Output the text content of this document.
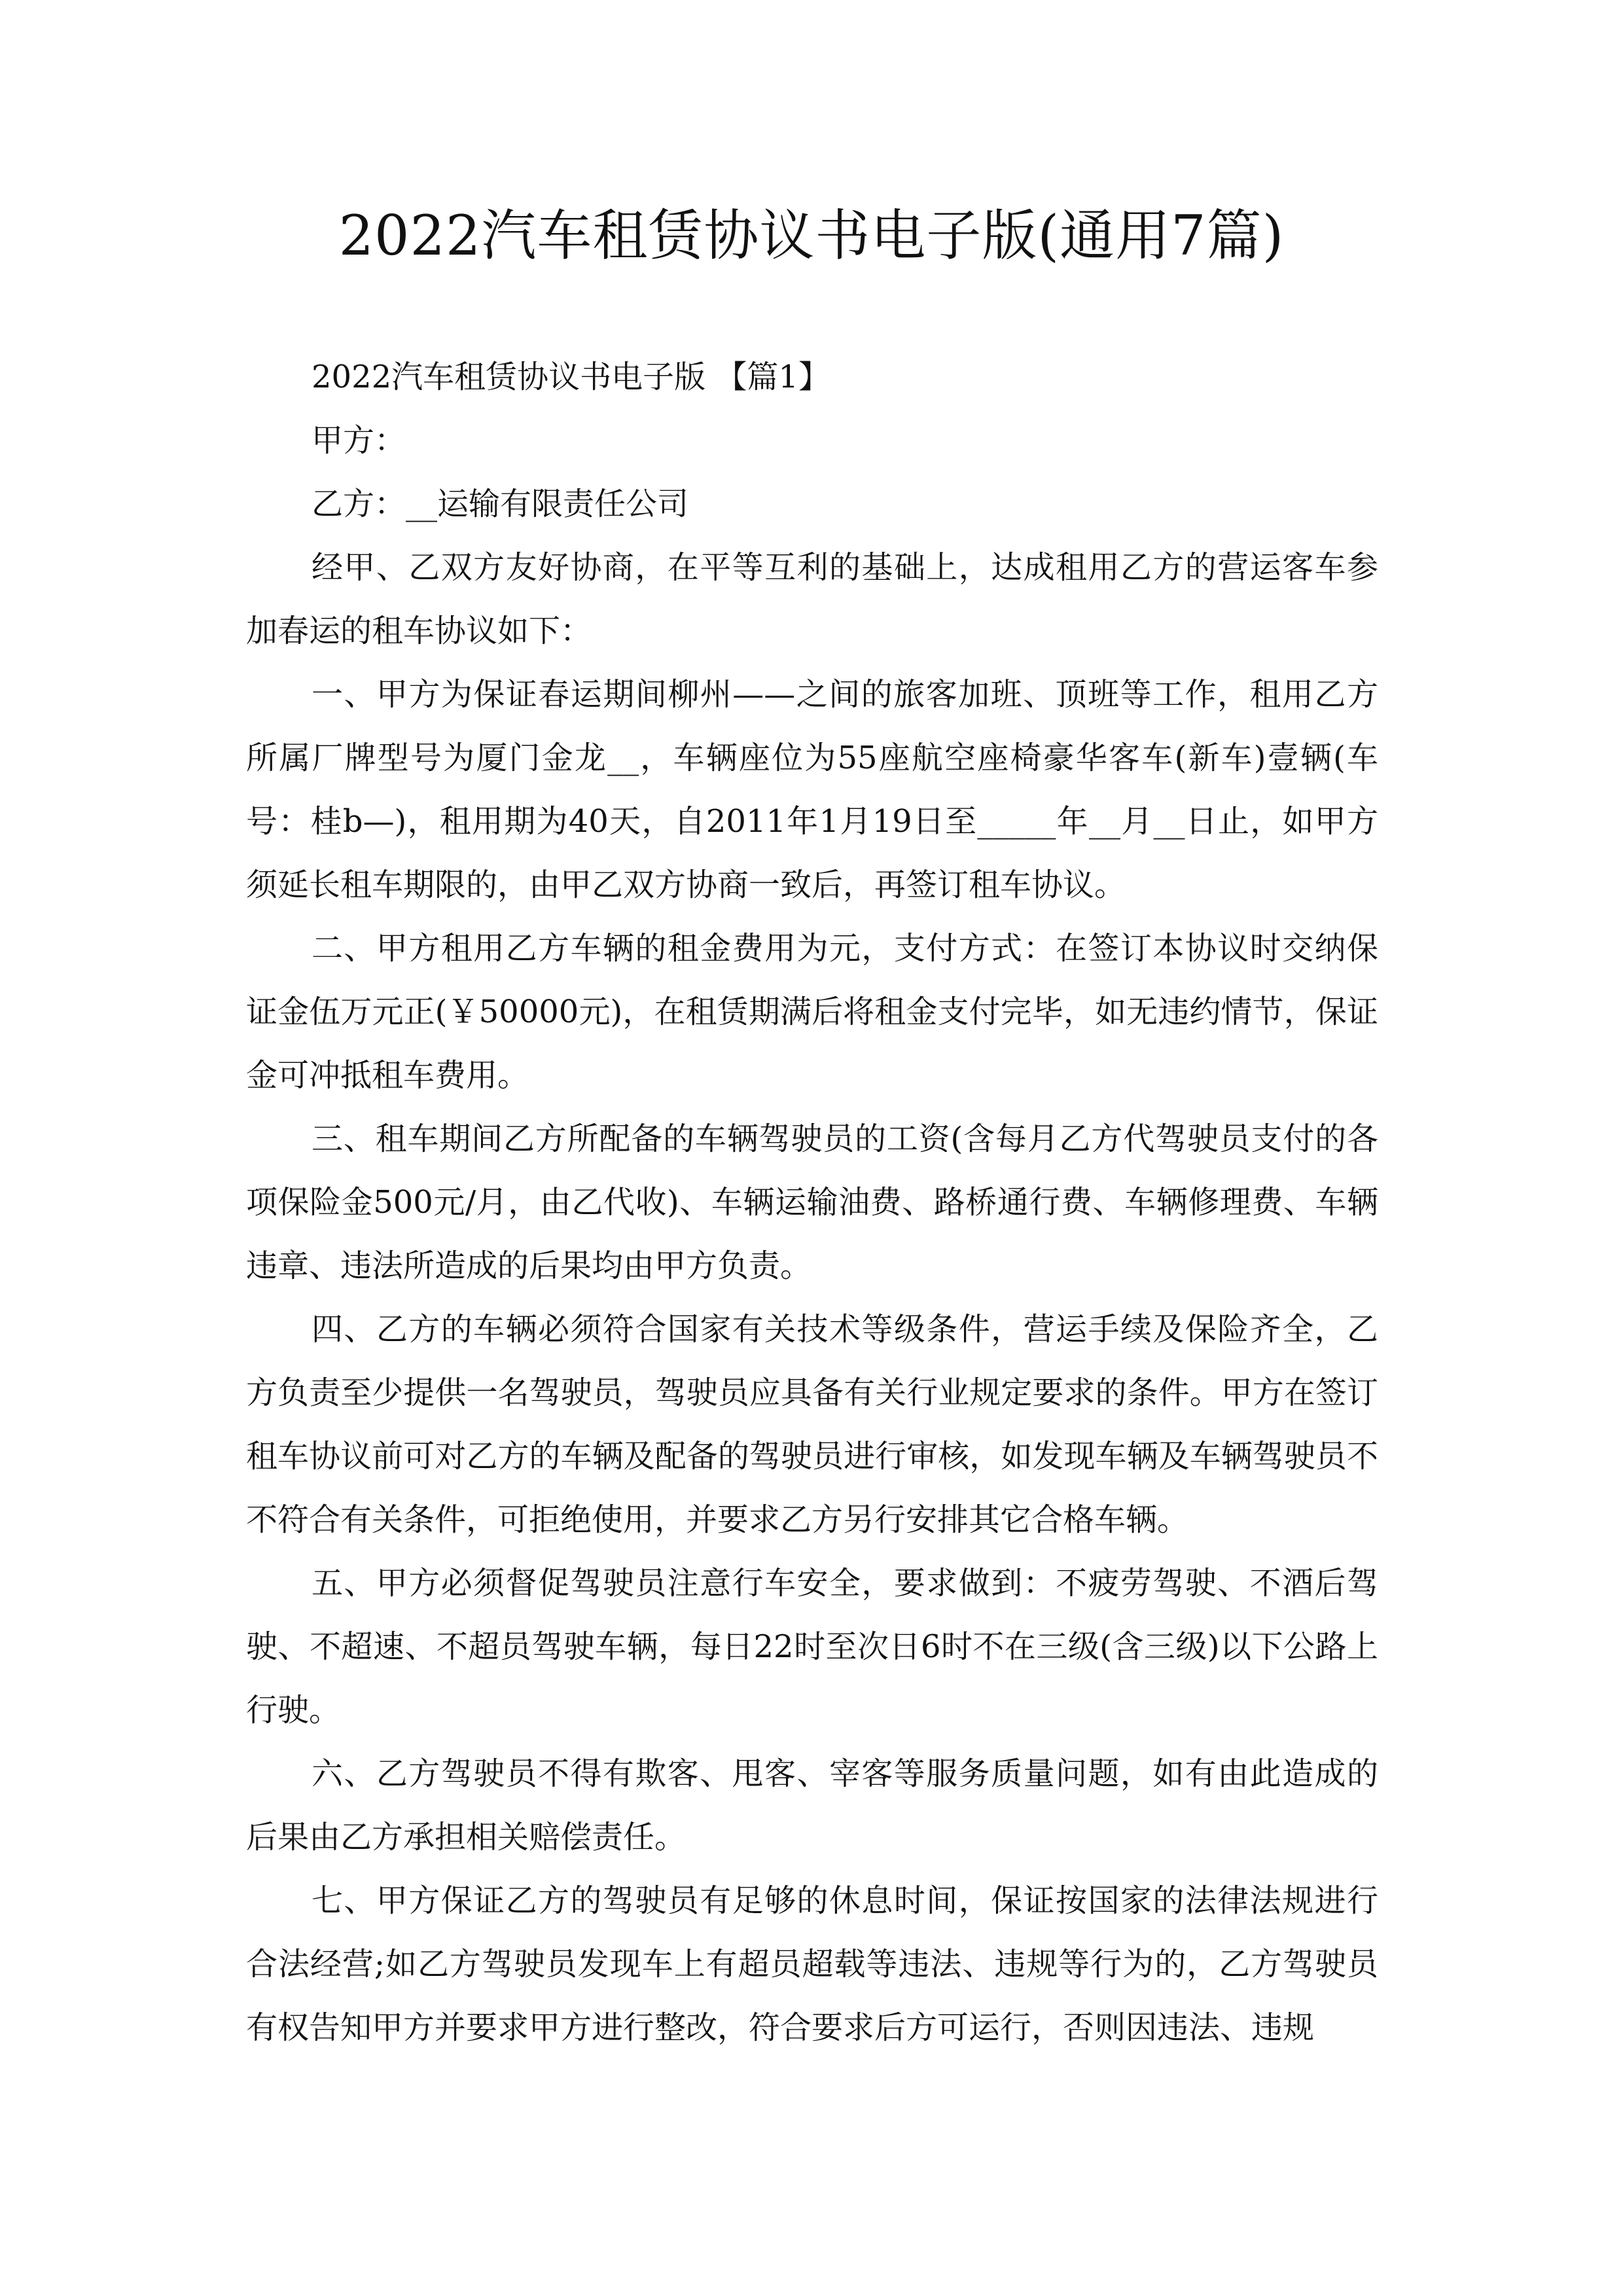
2022汽车租赁协议书电子版(通用7篇)

2022汽车租赁协议书电子版 【篇1】

甲方：

乙方：__运输有限责任公司

经甲、乙双方友好协商，在平等互利的基础上，达成租用乙方的营运客车参加春运的租车协议如下：

一、甲方为保证春运期间柳州——之间的旅客加班、顶班等工作，租用乙方所属厂牌型号为厦门金龙__，车辆座位为55座航空座椅豪华客车(新车)壹辆(车号：桂b—)，租用期为40天，自2011年1月19日至_____年__月__日止，如甲方须延长租车期限的，由甲乙双方协商一致后，再签订租车协议。

二、甲方租用乙方车辆的租金费用为元，支付方式：在签订本协议时交纳保证金伍万元正(￥50000元)，在租赁期满后将租金支付完毕，如无违约情节，保证金可冲抵租车费用。

三、租车期间乙方所配备的车辆驾驶员的工资(含每月乙方代驾驶员支付的各项保险金500元/月，由乙代收)、车辆运输油费、路桥通行费、车辆修理费、车辆违章、违法所造成的后果均由甲方负责。

四、乙方的车辆必须符合国家有关技术等级条件，营运手续及保险齐全，乙方负责至少提供一名驾驶员，驾驶员应具备有关行业规定要求的条件。甲方在签订租车协议前可对乙方的车辆及配备的驾驶员进行审核，如发现车辆及车辆驾驶员不不符合有关条件，可拒绝使用，并要求乙方另行安排其它合格车辆。

五、甲方必须督促驾驶员注意行车安全，要求做到：不疲劳驾驶、不酒后驾驶、不超速、不超员驾驶车辆，每日22时至次日6时不在三级(含三级)以下公路上行驶。

六、乙方驾驶员不得有欺客、甩客、宰客等服务质量问题，如有由此造成的后果由乙方承担相关赔偿责任。

七、甲方保证乙方的驾驶员有足够的休息时间，保证按国家的法律法规进行合法经营;如乙方驾驶员发现车上有超员超载等违法、违规等行为的，乙方驾驶员有权告知甲方并要求甲方进行整改，符合要求后方可运行，否则因违法、违规
